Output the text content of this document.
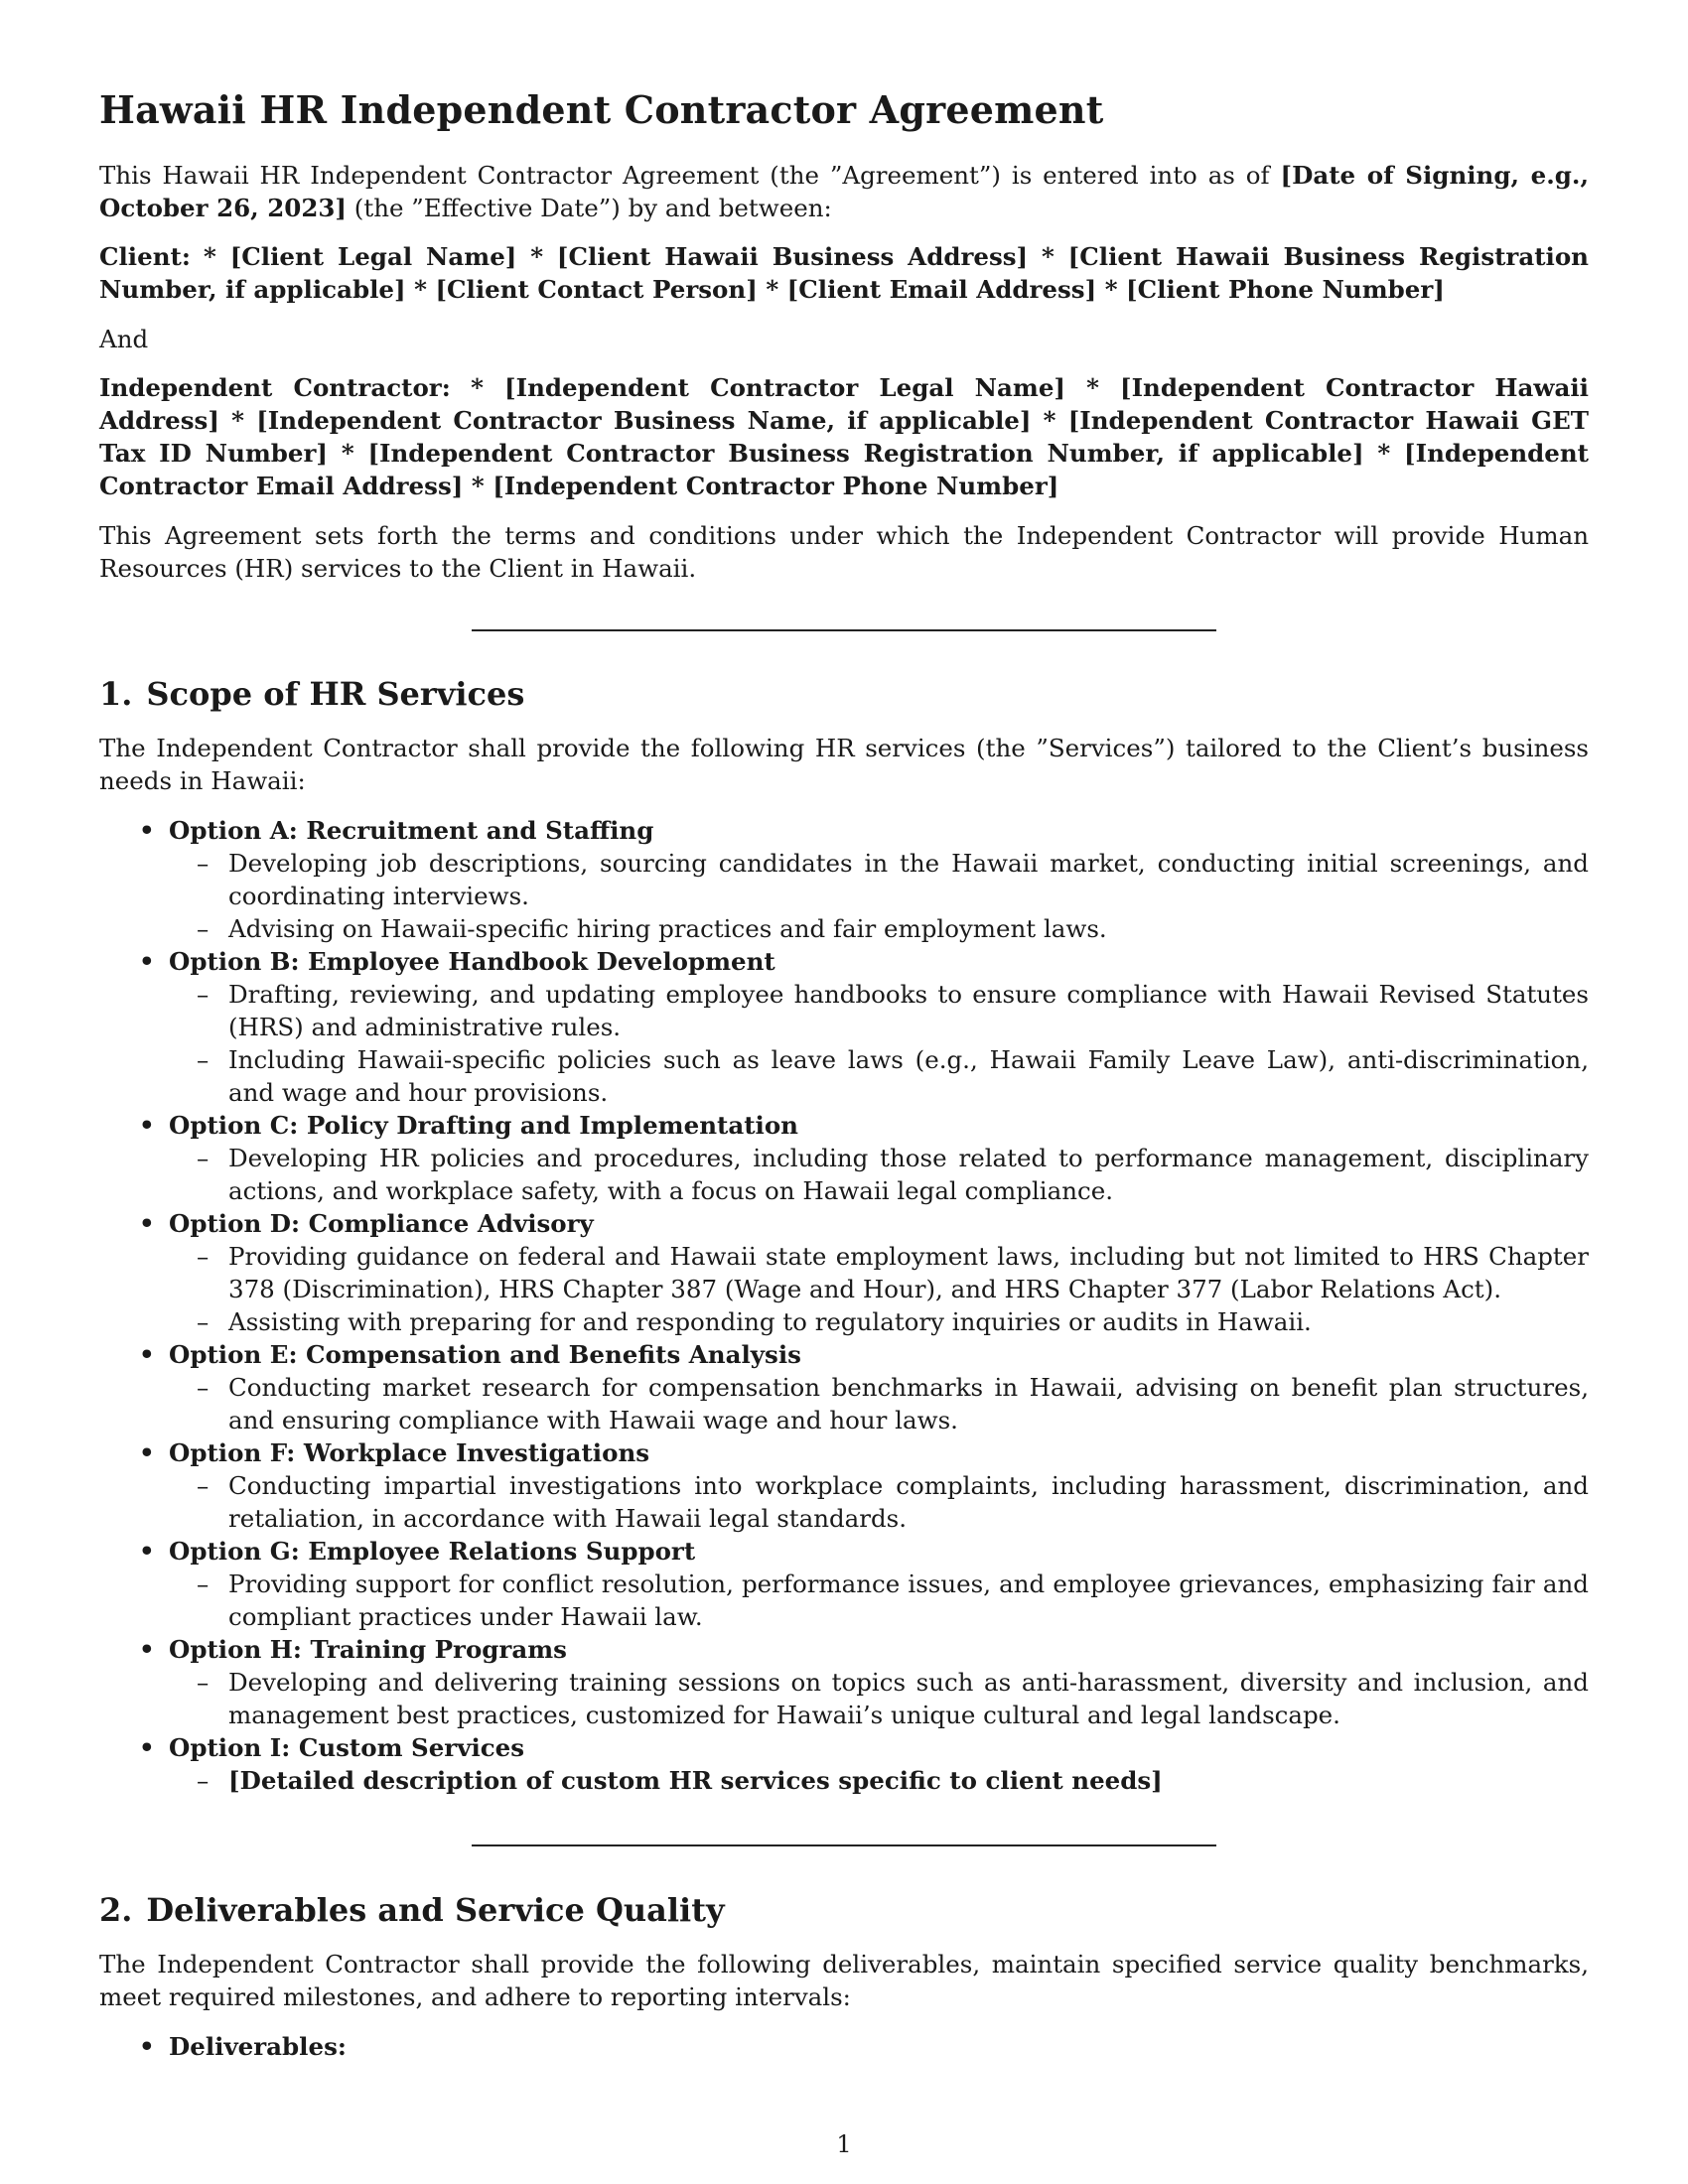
Hawaii HR Independent Contractor Agreement

This Hawaii HR Independent Contractor Agreement (the ”Agreement”) is entered into as of [Date of Signing, e.g., October 26, 2023] (the ”Effective Date”) by and between:

Client: * [Client Legal Name] * [Client Hawaii Business Address] * [Client Hawaii Business Registration Number, if applicable] * [Client Contact Person] * [Client Email Address] * [Client Phone Number]

And

Independent Contractor: * [Independent Contractor Legal Name] * [Independent Contractor Hawaii Address] * [Independent Contractor Business Name, if applicable] * [Independent Contractor Hawaii GET Tax ID Number] * [Independent Contractor Business Registration Number, if applicable] * [Independent Contractor Email Address] * [Independent Contractor Phone Number]

This Agreement sets forth the terms and conditions under which the Independent Contractor will provide Human Resources (HR) services to the Client in Hawaii.

1. Scope of HR Services

The Independent Contractor shall provide the following HR services (the ”Services”) tailored to the Client’s business needs in Hawaii:

• Option A: Recruitment and Staffing
– Developing job descriptions, sourcing candidates in the Hawaii market, conducting initial screenings, and coordinating interviews.
– Advising on Hawaii-specific hiring practices and fair employment laws.
• Option B: Employee Handbook Development
– Drafting, reviewing, and updating employee handbooks to ensure compliance with Hawaii Revised Statutes (HRS) and administrative rules.
– Including Hawaii-specific policies such as leave laws (e.g., Hawaii Family Leave Law), anti-discrimination, and wage and hour provisions.
• Option C: Policy Drafting and Implementation
– Developing HR policies and procedures, including those related to performance management, disciplinary actions, and workplace safety, with a focus on Hawaii legal compliance.
• Option D: Compliance Advisory
– Providing guidance on federal and Hawaii state employment laws, including but not limited to HRS Chapter 378 (Discrimination), HRS Chapter 387 (Wage and Hour), and HRS Chapter 377 (Labor Relations Act).
– Assisting with preparing for and responding to regulatory inquiries or audits in Hawaii.
• Option E: Compensation and Benefits Analysis
– Conducting market research for compensation benchmarks in Hawaii, advising on benefit plan structures, and ensuring compliance with Hawaii wage and hour laws.
• Option F: Workplace Investigations
– Conducting impartial investigations into workplace complaints, including harassment, discrimination, and retaliation, in accordance with Hawaii legal standards.
• Option G: Employee Relations Support
– Providing support for conflict resolution, performance issues, and employee grievances, emphasizing fair and compliant practices under Hawaii law.
• Option H: Training Programs
– Developing and delivering training sessions on topics such as anti-harassment, diversity and inclusion, and management best practices, customized for Hawaii’s unique cultural and legal landscape.
• Option I: Custom Services
– [Detailed description of custom HR services specific to client needs]
2. Deliverables and Service Quality

The Independent Contractor shall provide the following deliverables, maintain specified service quality benchmarks, meet required milestones, and adhere to reporting intervals:

• Deliverables:
1
